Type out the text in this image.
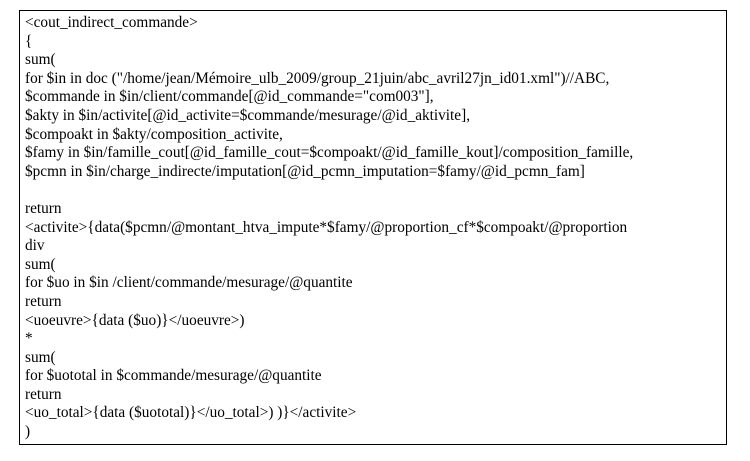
<cout_indirect_commande>
{
sum(
for $in in doc ("/home/jean/Mémoire_ulb_2009/group_21juin/abc_avril27jn_id01.xml")//ABC,
$commande in $in/client/commande[@id_commande="com003"],
$akty in $in/activite[@id_activite=$commande/mesurage/@id_aktivite],
$compoakt in $akty/composition_activite,
$famy in $in/famille_cout[@id_famille_cout=$compoakt/@id_famille_kout]/composition_famille,
$pcmn in $in/charge_indirecte/imputation[@id_pcmn_imputation=$famy/@id_pcmn_fam]
return
<activite>{data($pcmn/@montant_htva_impute*$famy/@proportion_cf*$compoakt/@proportion
div
sum(
for $uo in $in /client/commande/mesurage/@quantite
return
<uoeuvre>{data ($uo)}</uoeuvre>)
*
sum(
for $uototal in $commande/mesurage/@quantite
return
<uo_total>{data ($uototal)}</uo_total>) )}</activite>
)
